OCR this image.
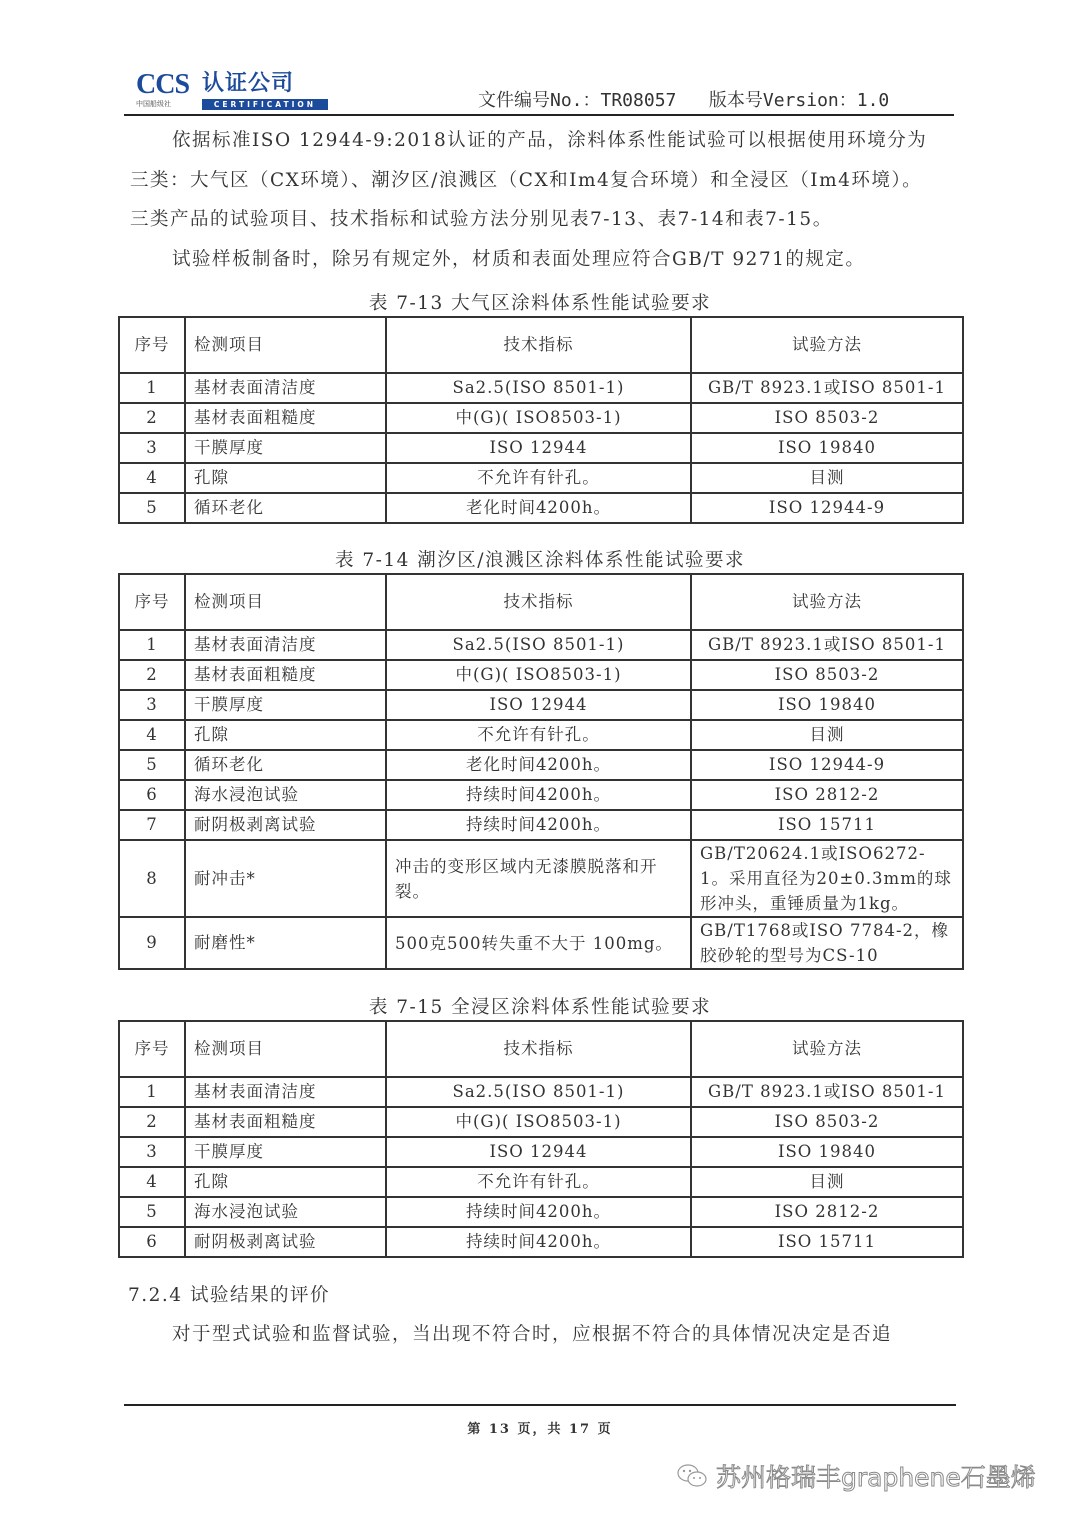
CCS 认证公司
中国船级社	CERTIFICATION	文件编号No.：TR08057   版本号Version：1.0
依据标准ISO 12944-9:2018认证的产品，涂料体系性能试验可以根据使用环境分为
三类：大气区（CX环境）、潮汐区/浪溅区（CX和Im4复合环境）和全浸区（Im4环境）。
三类产品的试验项目、技术指标和试验方法分别见表7-13、表7-14和表7-15。
试验样板制备时，除另有规定外，材质和表面处理应符合GB/T 9271的规定。
表 7-13 大气区涂料体系性能试验要求
序号	检测项目	技术指标	试验方法
1	基材表面清洁度	Sa2.5(ISO 8501-1)	GB/T 8923.1或ISO 8501-1
2	基材表面粗糙度	中(G)( ISO8503-1)	ISO 8503-2
3	干膜厚度	ISO 12944	ISO 19840
4	孔隙	不允许有针孔。	目测
5	循环老化	老化时间4200h。	ISO 12944-9
表 7-14 潮汐区/浪溅区涂料体系性能试验要求
序号	检测项目	技术指标	试验方法
1	基材表面清洁度	Sa2.5(ISO 8501-1)	GB/T 8923.1或ISO 8501-1
2	基材表面粗糙度	中(G)( ISO8503-1)	ISO 8503-2
3	干膜厚度	ISO 12944	ISO 19840
4	孔隙	不允许有针孔。	目测
5	循环老化	老化时间4200h。	ISO 12944-9
6	海水浸泡试验	持续时间4200h。	ISO 2812-2
7	耐阴极剥离试验	持续时间4200h。	ISO 15711
8	耐冲击*	冲击的变形区域内无漆膜脱落和开裂。	GB/T20624.1或ISO6272-1。采用直径为20±0.3mm的球形冲头，重锤质量为1kg。
9	耐磨性*	500克500转失重不大于 100mg。	GB/T1768或ISO 7784-2，橡胶砂轮的型号为CS-10
表 7-15 全浸区涂料体系性能试验要求
序号	检测项目	技术指标	试验方法
1	基材表面清洁度	Sa2.5(ISO 8501-1)	GB/T 8923.1或ISO 8501-1
2	基材表面粗糙度	中(G)( ISO8503-1)	ISO 8503-2
3	干膜厚度	ISO 12944	ISO 19840
4	孔隙	不允许有针孔。	目测
5	海水浸泡试验	持续时间4200h。	ISO 2812-2
6	耐阴极剥离试验	持续时间4200h。	ISO 15711
7.2.4 试验结果的评价
对于型式试验和监督试验，当出现不符合时，应根据不符合的具体情况决定是否追
第 13 页，共 17 页
苏州格瑞丰graphene石墨烯
